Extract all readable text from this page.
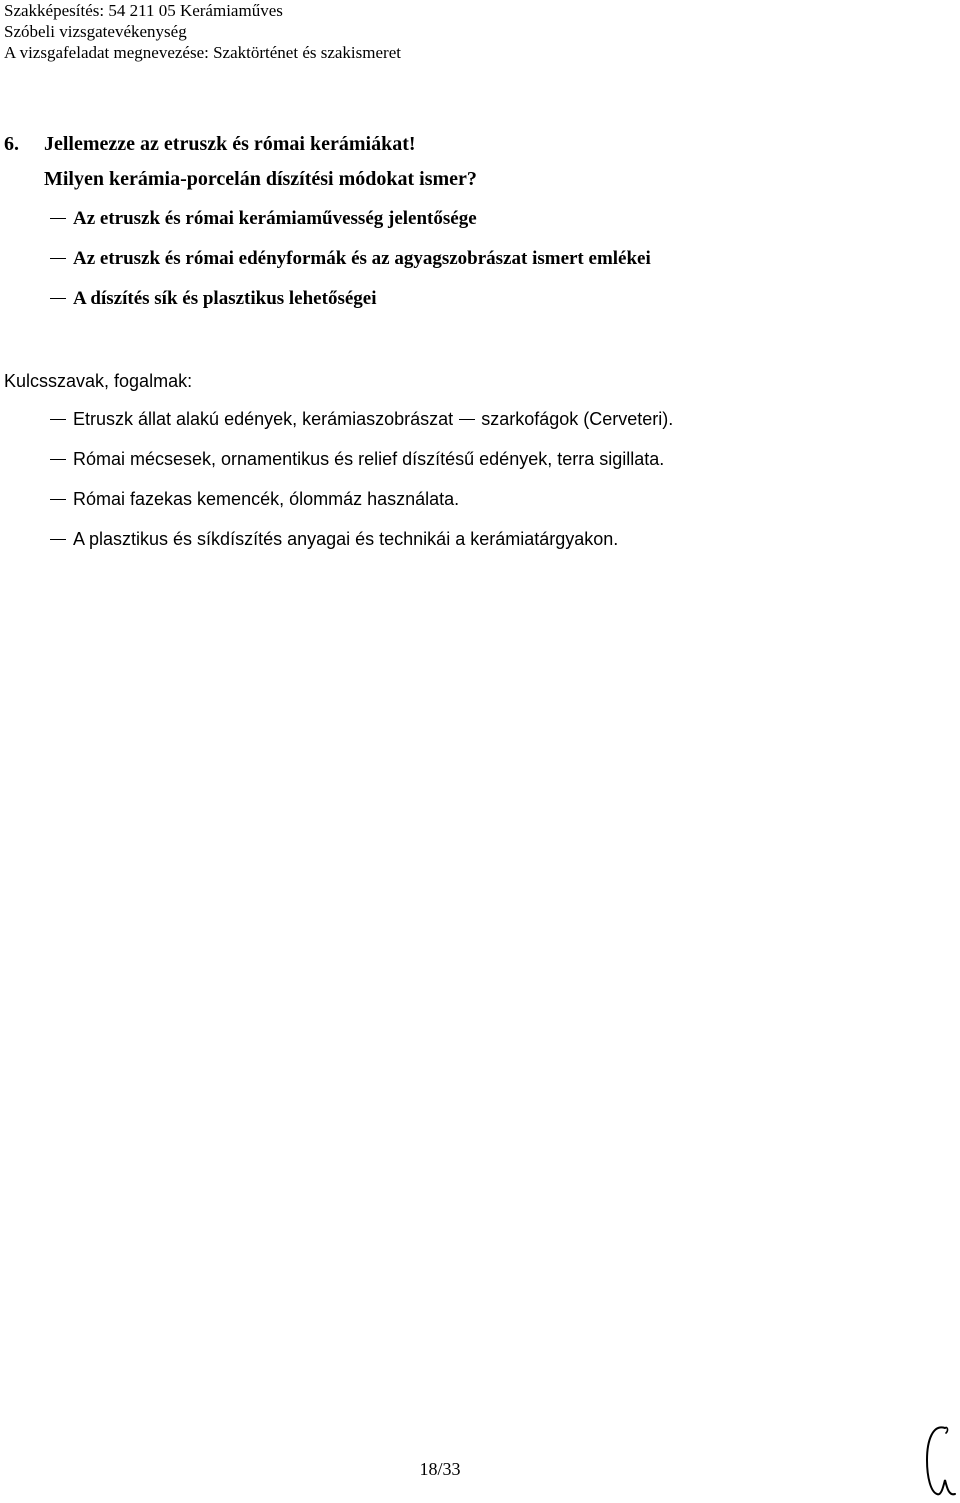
Szakképesítés: 54 211 05 Kerámiaműves
Szóbeli vizsgatevékenység
A vizsgafeladat megnevezése: Szaktörténet és szakismeret
6. Jellemezze az etruszk és római kerámiákat!
Milyen kerámia-porcelán díszítési módokat ismer?
Az etruszk és római kerámiaművesség jelentősége
Az etruszk és római edényformák és az agyagszobrászat ismert emlékei
A díszítés sík és plasztikus lehetőségei
Kulcsszavak, fogalmak:
Etruszk állat alakú edények, kerámiaszobrászat szarkofágok (Cerveteri).
Római mécsesek, ornamentikus és relief díszítésű edények, terra sigillata.
Római fazekas kemencék, ólommáz használata.
A plasztikus és síkdíszítés anyagai és technikái a kerámiatárgyakon.
18/33
